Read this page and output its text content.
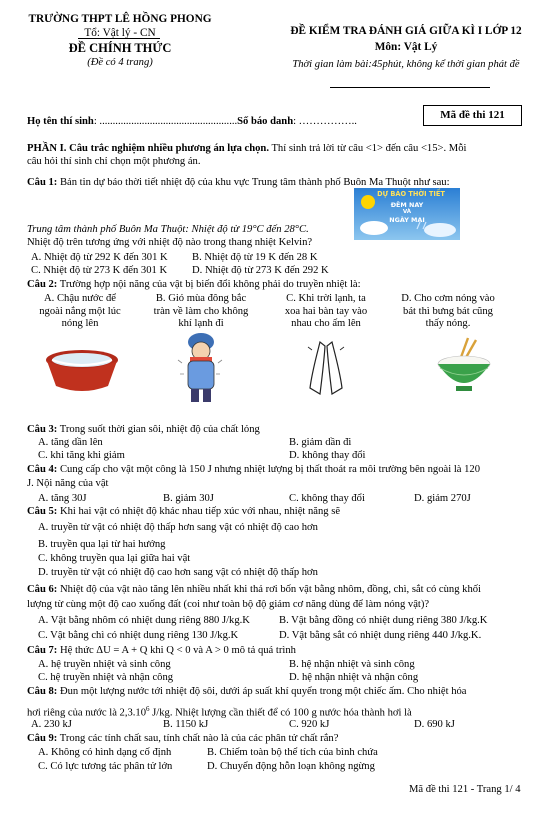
TRƯỜNG THPT LÊ HỒNG PHONG
Tổ: Vật lý - CN
ĐỀ CHÍNH THỨC
(Đề có 4 trang)
ĐỀ KIỂM TRA ĐÁNH GIÁ GIỮA KÌ I LỚP 12
Môn: Vật Lý
Thời gian làm bài:45phút, không kể thời gian phát đề
Họ tên thí sinh: ....................................................Số báo danh: ……………..
Mã đề thi 121
PHẦN I. Câu trắc nghiệm nhiều phương án lựa chọn. Thí sinh trả lời từ câu <1> đến câu <15>. Mỗi
câu hỏi thí sinh chỉ chọn một phương án.
Câu 1: Bản tin dự báo thời tiết nhiệt độ của khu vực Trung tâm thành phố Buôn Ma Thuột như sau:
DỰ BÁO THỜI TIẾT
ĐÊM NAY
VÀ
NGÀY MAI
Trung tâm thành phố Buôn Ma Thuột: Nhiệt độ từ 19°C đến 28°C.
Nhiệt độ trên tương ứng với nhiệt độ nào trong thang nhiệt Kelvin?
A. Nhiệt độ từ 292 K đến 301 K B. Nhiệt độ từ 19 K đến 28 K
C. Nhiệt độ từ 273 K đến 301 K D. Nhiệt độ từ 273 K đến 292 K
Câu 2: Trường hợp nội năng của vật bị biến đổi không phải do truyền nhiệt là:
A. Chậu nước để
ngoài nắng một lúc
nóng lên
B. Gió mùa đông bắc
tràn về làm cho không
khí lạnh đi
C. Khi trời lạnh, ta
xoa hai bàn tay vào
nhau cho ấm lên
D. Cho cơm nóng vào
bát thì bưng bát cũng
thấy nóng.
Câu 3: Trong suốt thời gian sôi, nhiệt độ của chất lỏng
A. tăng dần lên	B. giảm dần đi
C. khi tăng khi giảm	D. không thay đổi
Câu 4: Cung cấp cho vật một công là 150 J nhưng nhiệt lượng bị thất thoát ra môi trường bên ngoài là 120
J. Nội năng của vật
A. tăng 30J	B. giảm 30J	C. không thay đổi	D. giảm 270J
Câu 5: Khi hai vật có nhiệt độ khác nhau tiếp xúc với nhau, nhiệt năng sẽ
A. truyền từ vật có nhiệt độ thấp hơn sang vật có nhiệt độ cao hơn
B. truyền qua lại từ hai hướng
C. không truyền qua lại giữa hai vật
D. truyền từ vật có nhiệt độ cao hơn sang vật có nhiệt độ thấp hơn
Câu 6: Nhiệt độ của vật nào tăng lên nhiều nhất khi thả rơi bốn vật bằng nhôm, đồng, chì, sắt có cùng khối
lượng từ cùng một độ cao xuống đất (coi như toàn bộ độ giảm cơ năng dùng để làm nóng vật)?
A. Vật bằng nhôm có nhiệt dung riêng 880 J/kg.K	B. Vật bằng đồng có nhiệt dung riêng 380 J/kg.K
C. Vật bằng chì có nhiệt dung riêng 130 J/kg.K	D. Vật bằng sắt có nhiệt dung riêng 440 J/kg.K.
Câu 7: Hệ thức ΔU = A + Q khi Q < 0 và A > 0 mô tả quá trình
A. hệ truyền nhiệt và sinh công	B. hệ nhận nhiệt và sinh công
C. hệ truyền nhiệt và nhận công	D. hệ nhận nhiệt và nhận công
Câu 8: Đun một lượng nước tới nhiệt độ sôi, dưới áp suất khí quyển trong một chiếc ấm. Cho nhiệt hóa
hơi riêng của nước là 2,3.10$^6$ J/kg. Nhiệt lượng cần thiết để có 100 g nước hóa thành hơi là
A. 230 kJ	B. 1150 kJ	C. 920 kJ	D. 690 kJ
Câu 9: Trong các tính chất sau, tính chất nào là của các phân tử chất rắn?
A. Không có hình dạng cố định	B. Chiếm toàn bộ thể tích của bình chứa
C. Có lực tương tác phân tử lớn	D. Chuyển động hỗn loạn không ngừng
Mã đề thi 121 - Trang 1/ 4
